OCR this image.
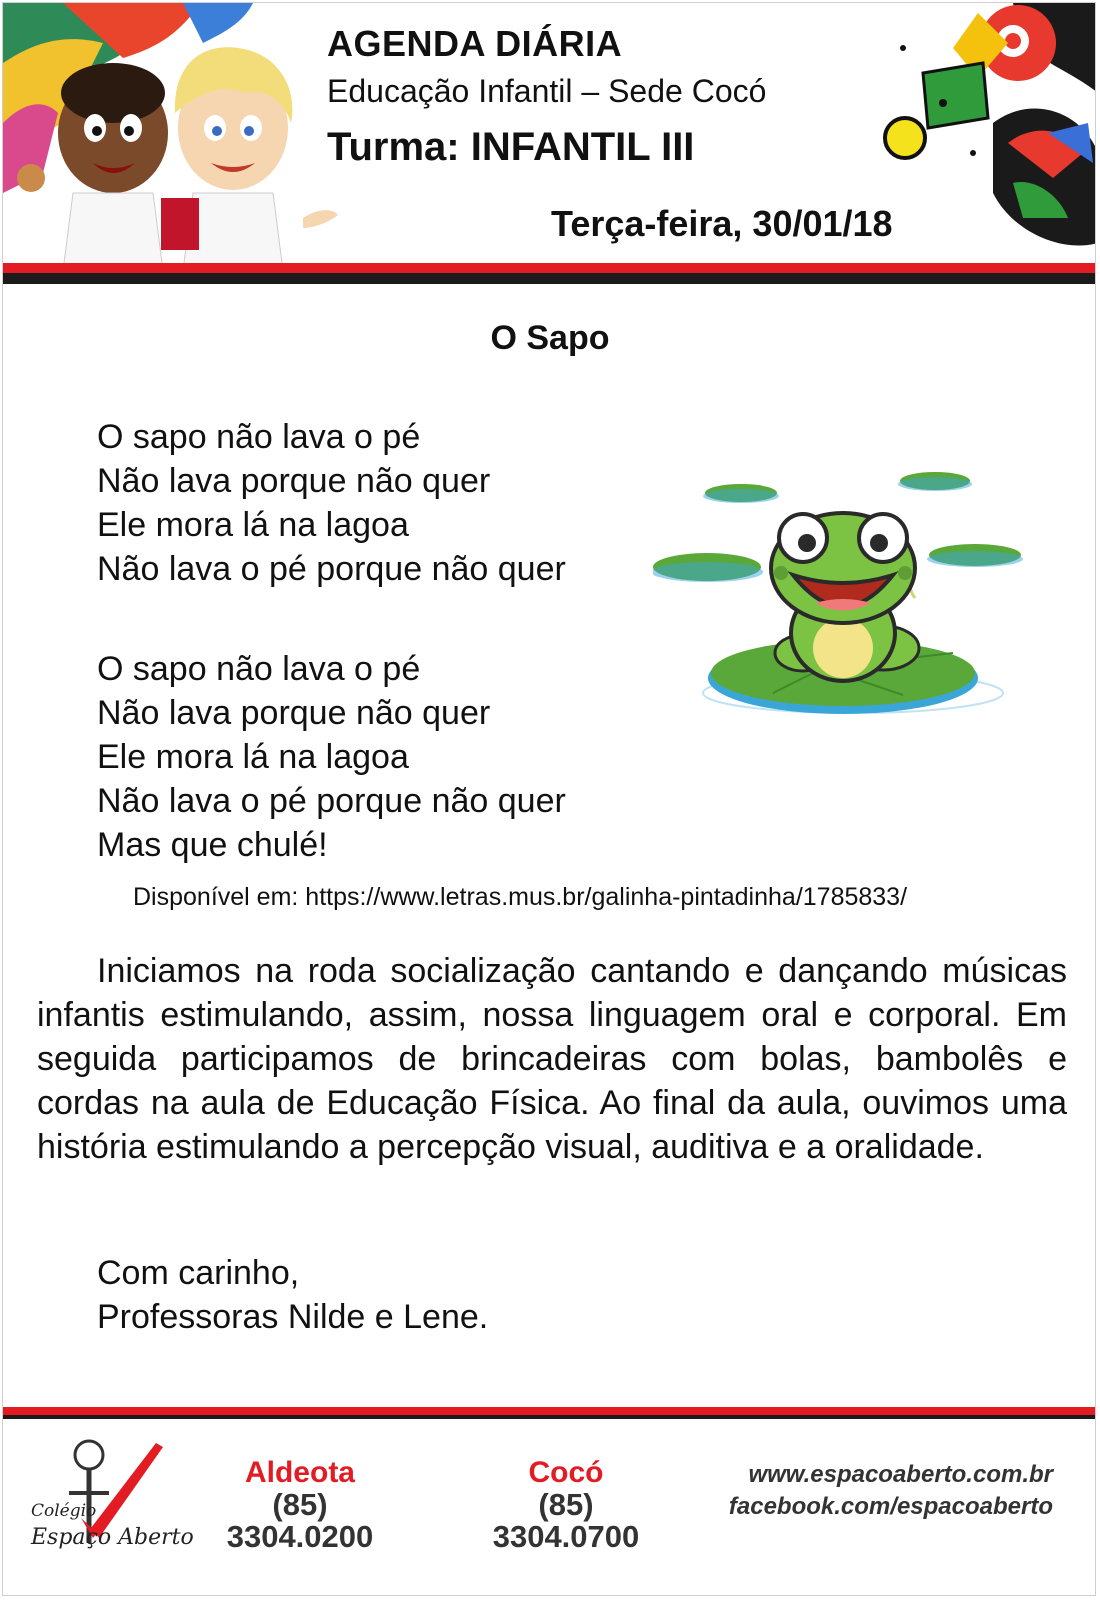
AGENDA DIÁRIA
Educação Infantil – Sede Cocó
Turma: INFANTIL III
Terça-feira, 30/01/18
O Sapo
O sapo não lava o pé
Não lava porque não quer
Ele mora lá na lagoa
Não lava o pé porque não quer
O sapo não lava o pé
Não lava porque não quer
Ele mora lá na lagoa
Não lava o pé porque não quer
Mas que chulé!
Disponível em: https://www.letras.mus.br/galinha-pintadinha/1785833/
Iniciamos na roda socialização cantando e dançando músicas infantis estimulando, assim, nossa linguagem oral e corporal. Em seguida participamos de brincadeiras com bolas, bambolês e cordas na aula de Educação Física. Ao final da aula, ouvimos uma história estimulando a percepção visual, auditiva e a oralidade.
Com carinho,
Professoras Nilde e Lene.
Colégio
Espaço Aberto
Aldeota
(85) 3304.0200
Cocó
(85) 3304.0700
www.espacoaberto.com.br
facebook.com/espacoaberto
